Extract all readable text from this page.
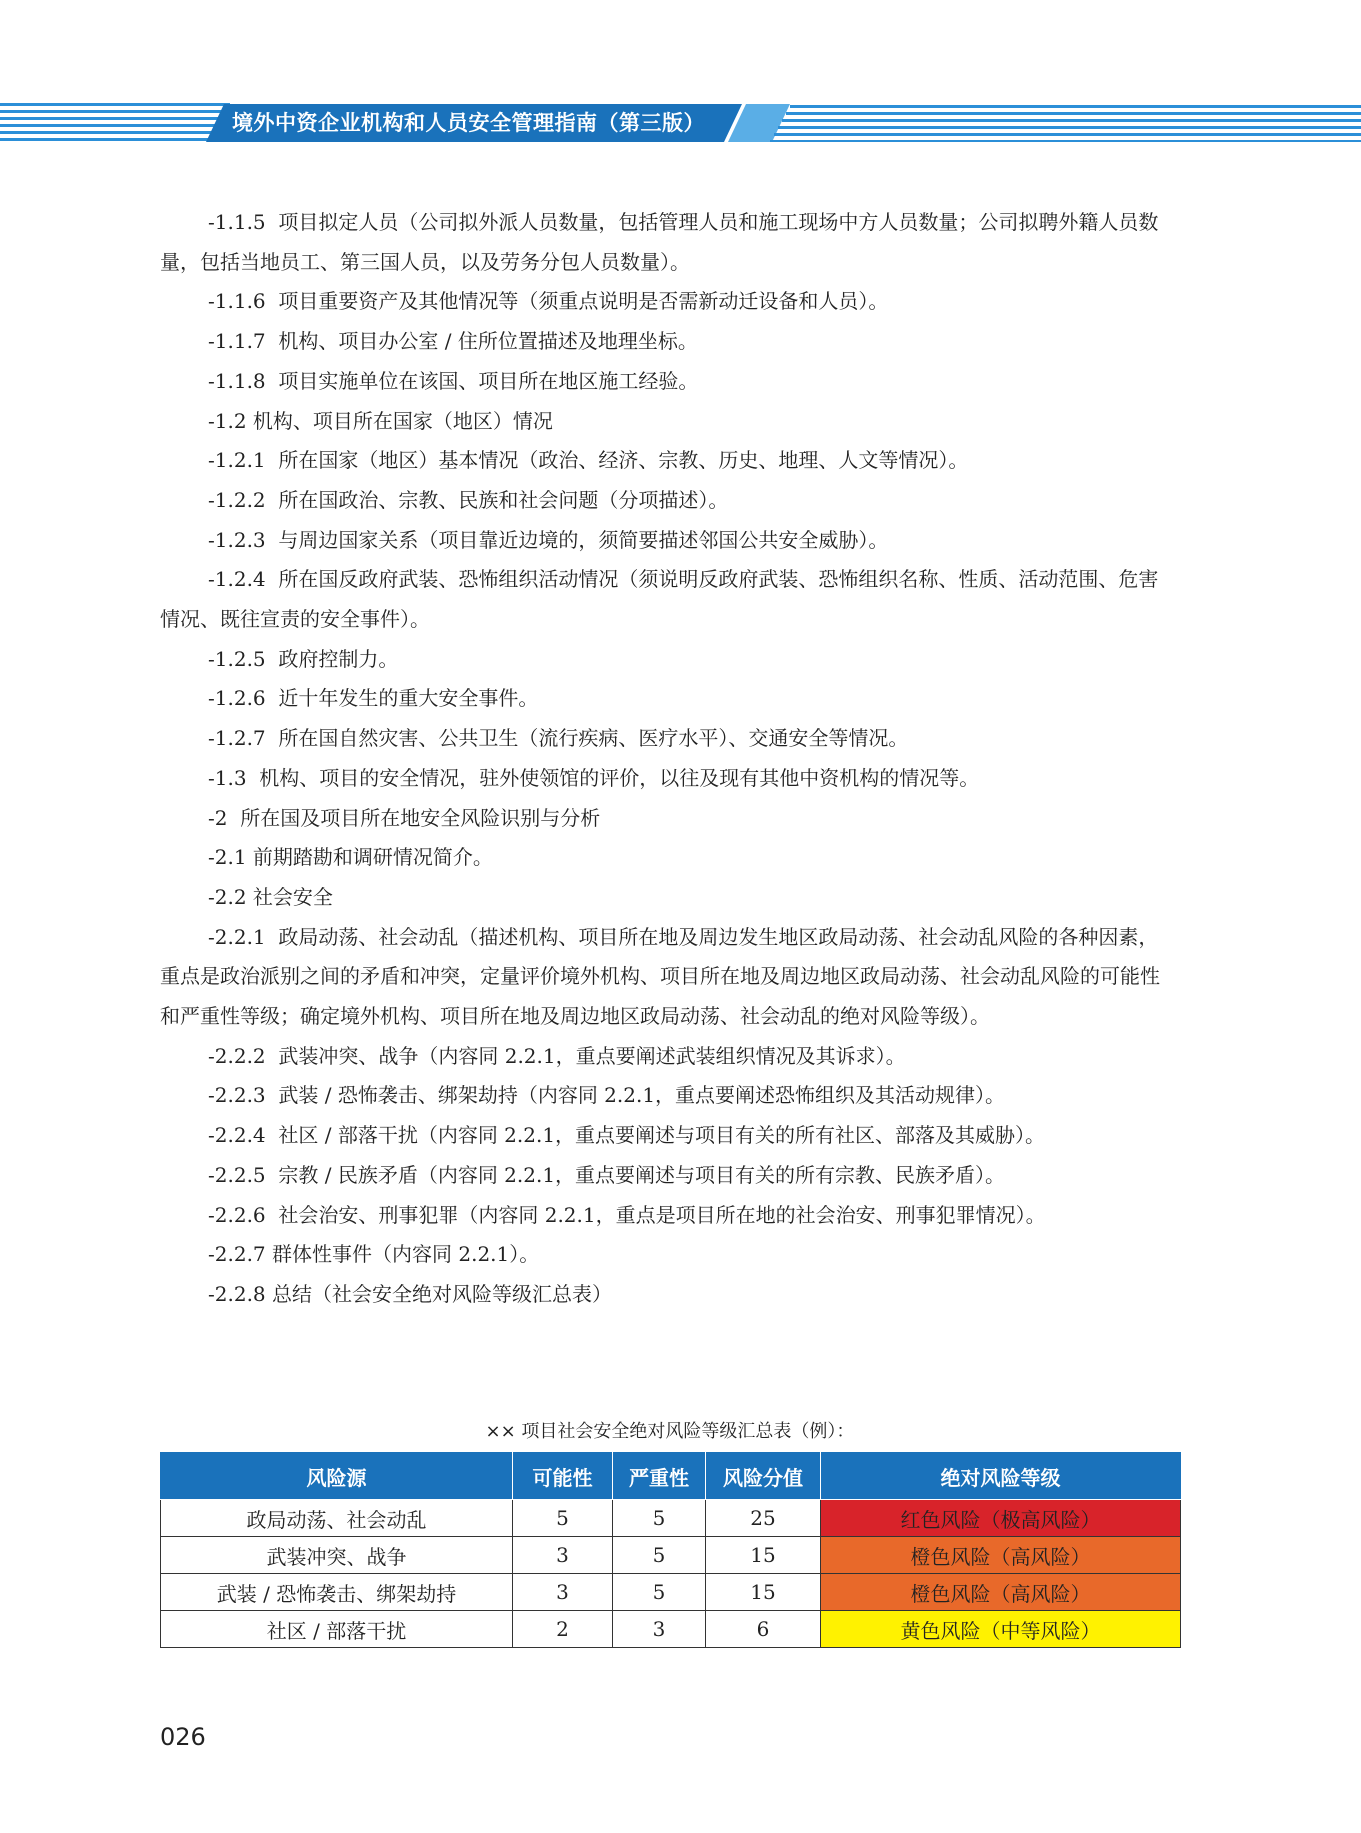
境外中资企业机构和人员安全管理指南（第三版）

-1.1.5  项目拟定人员（公司拟外派人员数量，包括管理人员和施工现场中方人员数量；公司拟聘外籍人员数量，包括当地员工、第三国人员，以及劳务分包人员数量）。

-1.1.6  项目重要资产及其他情况等（须重点说明是否需新动迁设备和人员）。

-1.1.7  机构、项目办公室 / 住所位置描述及地理坐标。

-1.1.8  项目实施单位在该国、项目所在地区施工经验。

-1.2 机构、项目所在国家（地区）情况

-1.2.1  所在国家（地区）基本情况（政治、经济、宗教、历史、地理、人文等情况）。

-1.2.2  所在国政治、宗教、民族和社会问题（分项描述）。

-1.2.3  与周边国家关系（项目靠近边境的，须简要描述邻国公共安全威胁）。

-1.2.4  所在国反政府武装、恐怖组织活动情况（须说明反政府武装、恐怖组织名称、性质、活动范围、危害情况、既往宣责的安全事件）。

-1.2.5  政府控制力。

-1.2.6  近十年发生的重大安全事件。

-1.2.7  所在国自然灾害、公共卫生（流行疾病、医疗水平）、交通安全等情况。

-1.3  机构、项目的安全情况，驻外使领馆的评价，以往及现有其他中资机构的情况等。

-2  所在国及项目所在地安全风险识别与分析

-2.1 前期踏勘和调研情况简介。

-2.2 社会安全

-2.2.1  政局动荡、社会动乱（描述机构、项目所在地及周边发生地区政局动荡、社会动乱风险的各种因素，重点是政治派别之间的矛盾和冲突，定量评价境外机构、项目所在地及周边地区政局动荡、社会动乱风险的可能性和严重性等级；确定境外机构、项目所在地及周边地区政局动荡、社会动乱的绝对风险等级）。

-2.2.2  武装冲突、战争（内容同 2.2.1，重点要阐述武装组织情况及其诉求）。

-2.2.3  武装 / 恐怖袭击、绑架劫持（内容同 2.2.1，重点要阐述恐怖组织及其活动规律）。

-2.2.4  社区 / 部落干扰（内容同 2.2.1，重点要阐述与项目有关的所有社区、部落及其威胁）。

-2.2.5  宗教 / 民族矛盾（内容同 2.2.1，重点要阐述与项目有关的所有宗教、民族矛盾）。

-2.2.6  社会治安、刑事犯罪（内容同 2.2.1，重点是项目所在地的社会治安、刑事犯罪情况）。

-2.2.7 群体性事件（内容同 2.2.1）。

-2.2.8 总结（社会安全绝对风险等级汇总表）

×× 项目社会安全绝对风险等级汇总表（例）：
风险源	可能性	严重性	风险分值	绝对风险等级
政局动荡、社会动乱	5	5	25	红色风险（极高风险）
武装冲突、战争	3	5	15	橙色风险（高风险）
武装 / 恐怖袭击、绑架劫持	3	5	15	橙色风险（高风险）
社区 / 部落干扰	2	3	6	黄色风险（中等风险）
026
